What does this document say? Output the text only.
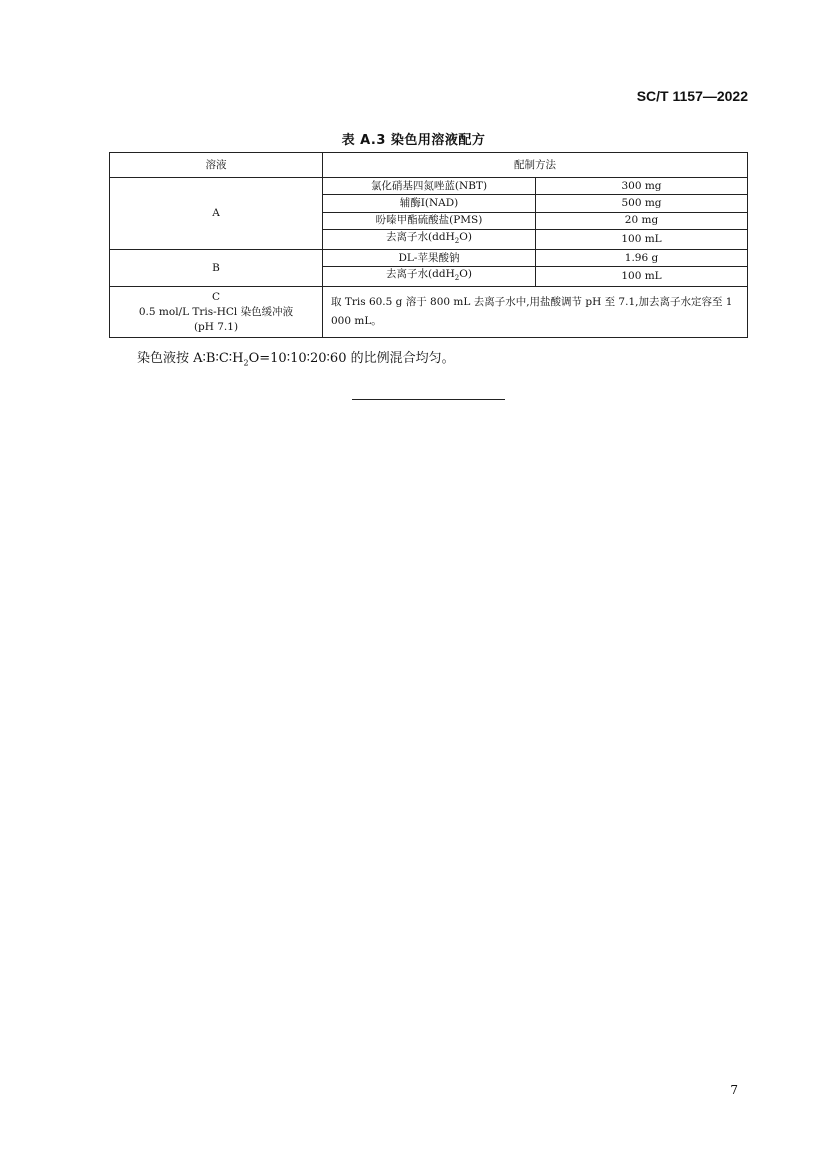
SC/T 1157—2022
表 A.3 染色用溶液配方
溶液	配制方法	
A	氯化硝基四氮唑蓝(NBT)	300 mg
	辅酶Ⅰ(NAD)	500 mg
	吩嗪甲酯硫酸盐(PMS)	20 mg
	去离子水(ddH$_2$O)	100 mL
B	DL-苹果酸钠	1.96 g
	去离子水(ddH$_2$O)	100 mL

C
0.5 mol/L Tris-HCl 染色缓冲液
(pH 7.1)	取 Tris 60.5 g 溶于 800 mL 去离子水中,用盐酸调节 pH 至 7.1,加去离子水定容至 1 000 mL。	
染色液按 $A∶B∶C∶H_2O=10∶10∶20∶60$ 的比例混合均匀。
7
